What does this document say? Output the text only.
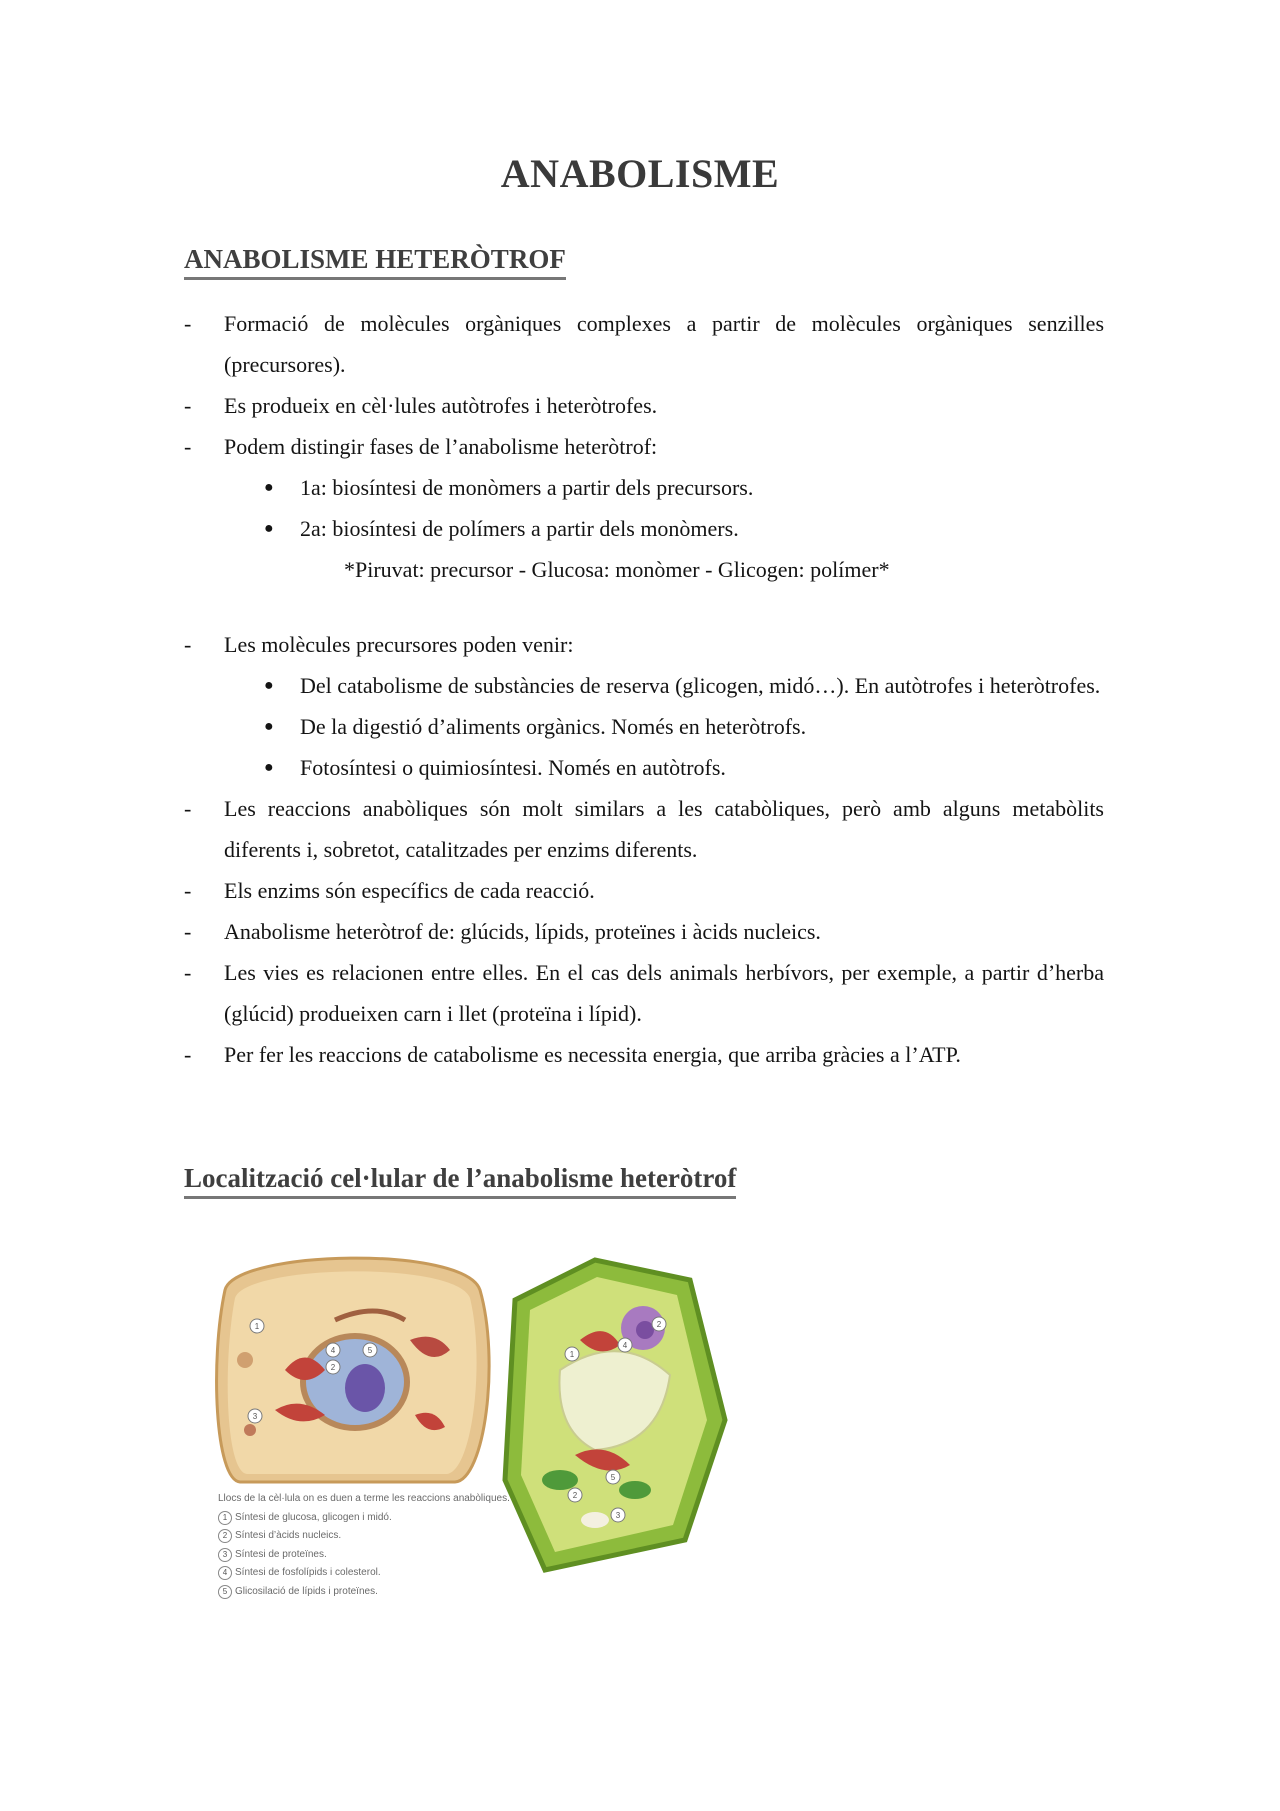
ANABOLISME
ANABOLISME HETERÒTROF
- Formació de molècules orgàniques complexes a partir de molècules orgàniques senzilles (precursores).
- Es produeix en cèl·lules autòtrofes i heteròtrofes.
- Podem distingir fases de l’anabolisme heteròtrof:
● 1a: biosíntesi de monòmers a partir dels precursors.
● 2a: biosíntesi de polímers a partir dels monòmers.
*Piruvat: precursor - Glucosa: monòmer - Glicogen: polímer*
- Les molècules precursores poden venir:
● Del catabolisme de substàncies de reserva (glicogen, midó…). En autòtrofes i heteròtrofes.
● De la digestió d’aliments orgànics. Només en heteròtrofs.
● Fotosíntesi o quimiosíntesi. Només en autòtrofs.
- Les reaccions anabòliques són molt similars a les catabòliques, però amb alguns metabòlits diferents i, sobretot, catalitzades per enzims diferents.
- Els enzims són específics de cada reacció.
- Anabolisme heteròtrof de: glúcids, lípids, proteïnes i àcids nucleics.
- Les vies es relacionen entre elles. En el cas dels animals herbívors, per exemple, a partir d’herba (glúcid) produeixen carn i llet (proteïna i lípid).
- Per fer les reaccions de catabolisme es necessita energia, que arriba gràcies a l’ATP.
Localització cel·lular de l’anabolisme heteròtrof
1
3
2
4	5	1
4
2
2
5
3
Llocs de la cèl·lula on es duen a terme les reaccions anabòliques.
1 Síntesi de glucosa, glicogen i midó.
2 Síntesi d’àcids nucleics.
3 Síntesi de proteïnes.
4 Síntesi de fosfolípids i colesterol.
5 Glicosilació de lípids i proteïnes.
